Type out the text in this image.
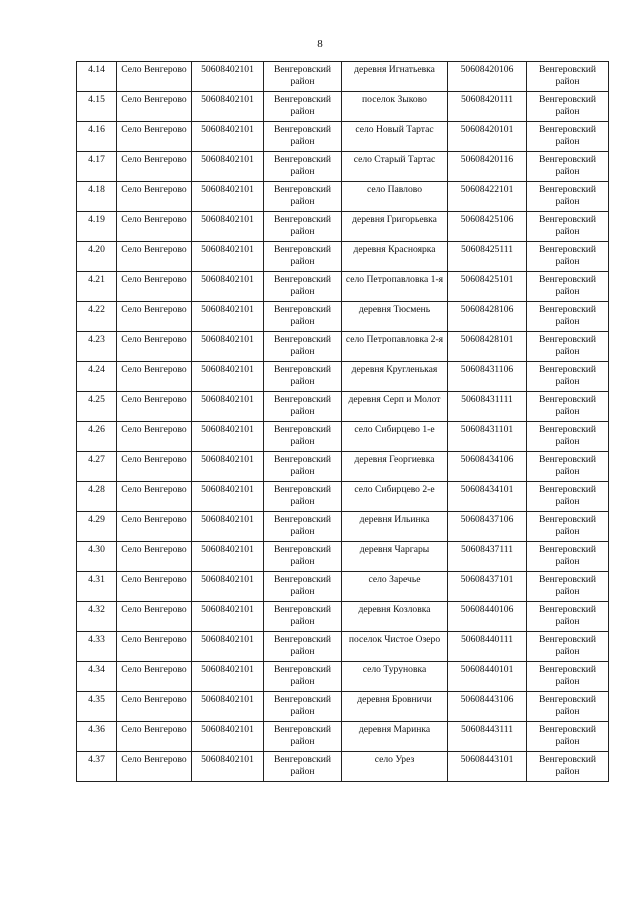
8
4.14	Село Венгерово	50608402101	Венгеровский район	деревня Игнатьевка	50608420106	Венгеровский район
4.15	Село Венгерово	50608402101	Венгеровский район	поселок Зыково	50608420111	Венгеровский район
4.16	Село Венгерово	50608402101	Венгеровский район	село Новый Тартас	50608420101	Венгеровский район
4.17	Село Венгерово	50608402101	Венгеровский район	село Старый Тартас	50608420116	Венгеровский район
4.18	Село Венгерово	50608402101	Венгеровский район	село Павлово	50608422101	Венгеровский район
4.19	Село Венгерово	50608402101	Венгеровский район	деревня Григорьевка	50608425106	Венгеровский район
4.20	Село Венгерово	50608402101	Венгеровский район	деревня Красноярка	50608425111	Венгеровский район
4.21	Село Венгерово	50608402101	Венгеровский район	село Петропавловка 1-я	50608425101	Венгеровский район
4.22	Село Венгерово	50608402101	Венгеровский район	деревня Тюсмень	50608428106	Венгеровский район
4.23	Село Венгерово	50608402101	Венгеровский район	село Петропавловка 2-я	50608428101	Венгеровский район
4.24	Село Венгерово	50608402101	Венгеровский район	деревня Кругленькая	50608431106	Венгеровский район
4.25	Село Венгерово	50608402101	Венгеровский район	деревня Серп и Молот	50608431111	Венгеровский район
4.26	Село Венгерово	50608402101	Венгеровский район	село Сибирцево 1-е	50608431101	Венгеровский район
4.27	Село Венгерово	50608402101	Венгеровский район	деревня Георгиевка	50608434106	Венгеровский район
4.28	Село Венгерово	50608402101	Венгеровский район	село Сибирцево 2-е	50608434101	Венгеровский район
4.29	Село Венгерово	50608402101	Венгеровский район	деревня Ильинка	50608437106	Венгеровский район
4.30	Село Венгерово	50608402101	Венгеровский район	деревня Чаргары	50608437111	Венгеровский район
4.31	Село Венгерово	50608402101	Венгеровский район	село Заречье	50608437101	Венгеровский район
4.32	Село Венгерово	50608402101	Венгеровский район	деревня Козловка	50608440106	Венгеровский район
4.33	Село Венгерово	50608402101	Венгеровский район	поселок Чистое Озеро	50608440111	Венгеровский район
4.34	Село Венгерово	50608402101	Венгеровский район	село Туруновка	50608440101	Венгеровский район
4.35	Село Венгерово	50608402101	Венгеровский район	деревня Бровничи	50608443106	Венгеровский район
4.36	Село Венгерово	50608402101	Венгеровский район	деревня Маринка	50608443111	Венгеровский район
4.37	Село Венгерово	50608402101	Венгеровский район	село Урез	50608443101	Венгеровский район
